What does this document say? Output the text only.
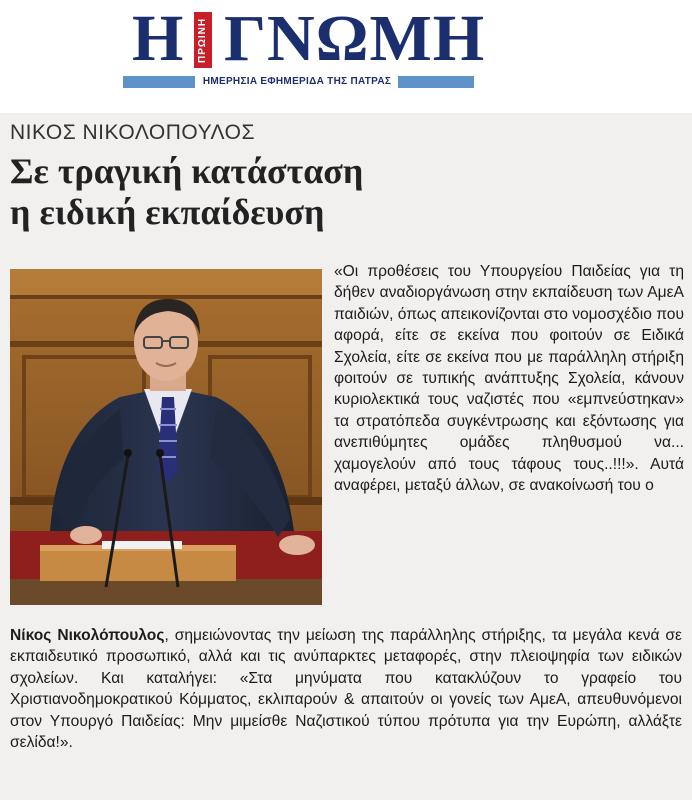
Η	ΠΡΩΙΝΗ ΓΝΩΜΗ
ΗΜΕΡΗΣΙΑ ΕΦΗΜΕΡΙΔΑ ΤΗΣ ΠΑΤΡΑΣ
ΝΙΚΟΣ ΝΙΚΟΛΟΠΟΥΛΟΣ
Σε τραγική κατάσταση
η ειδική εκπαίδευση

«Οι προθέσεις του Υπουργείου Παιδείας για τη δήθεν αναδιοργάνωση στην εκπαίδευση των ΑμεΑ παιδιών, όπως απεικονίζονται στο νομοσχέδιο που αφορά, είτε σε εκείνα που φοιτούν σε Ειδικά Σχολεία, είτε σε εκείνα που με παράλληλη στήριξη φοιτούν σε τυπικής ανάπτυξης Σχολεία, κάνουν κυριολεκτικά τους ναζιστές που «εμπνεύστηκαν» τα στρατόπεδα συγκέντρωσης και εξόντωσης για ανεπιθύμητες ομάδες πληθυσμού να... χαμογελούν από τους τάφους τους..!!!». Αυτά αναφέρει, μεταξύ άλλων, σε ανακοίνωσή του ο

Νίκος Νικολόπουλος, σημειώνοντας την μείωση της παράλληλης στήριξης, τα μεγάλα κενά σε εκπαιδευτικό προσωπικό, αλλά και τις ανύπαρκτες μεταφορές, στην πλειοψηφία των ειδικών σχολείων. Και καταλήγει: «Στα μηνύματα που κατακλύζουν το γραφείο του Χριστιανοδημοκρατικού Κόμματος, εκλιπαρούν & απαιτούν οι γονείς των ΑμεΑ, απευθυνόμενοι στον Υπουργό Παιδείας: Μην μιμείσθε Ναζιστικού τύπου πρότυπα για την Ευρώπη, αλλάξτε σελίδα!».
